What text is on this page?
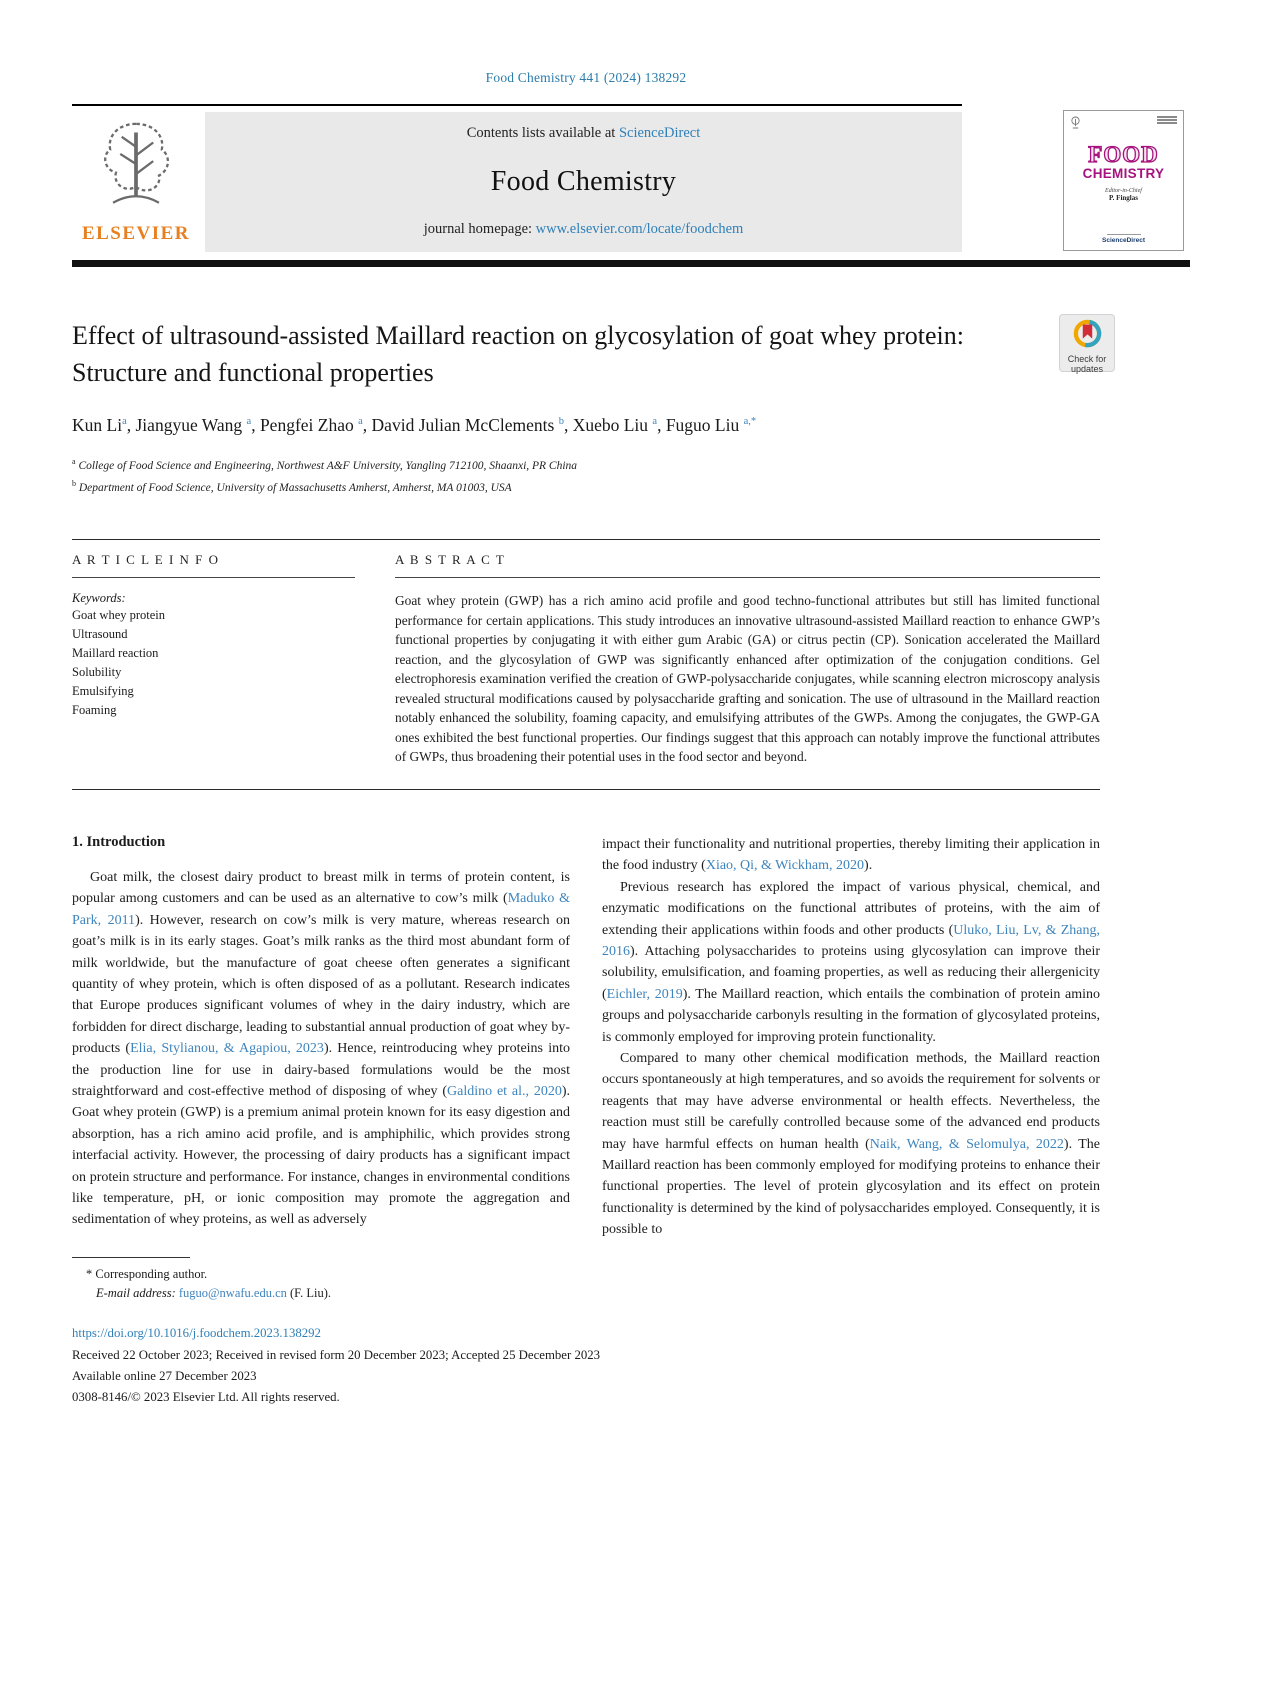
Food Chemistry 441 (2024) 138292
ELSEVIER
Contents lists available at ScienceDirect
Food Chemistry
journal homepage: www.elsevier.com/locate/foodchem
FOOD
CHEMISTRY
Editor-in-Chief
P. Finglas
ScienceDirect
Effect of ultrasound-assisted Maillard reaction on glycosylation of goat whey protein: Structure and functional properties	Check for
updates
Kun Li$^a$, Jiangyue Wang $^a$, Pengfei Zhao $^a$, David Julian McClements $^b$, Xuebo Liu $^a$, Fuguo Liu $^{a,*}$
$^a$ College of Food Science and Engineering, Northwest A&F University, Yangling 712100, Shaanxi, PR China
$^b$ Department of Food Science, University of Massachusetts Amherst, Amherst, MA 01003, USA
A R T I C L E I N F O
Keywords:
Goat whey protein
Ultrasound
Maillard reaction
Solubility
Emulsifying
Foaming
A B S T R A C T

Goat whey protein (GWP) has a rich amino acid profile and good techno-functional attributes but still has limited functional performance for certain applications. This study introduces an innovative ultrasound-assisted Maillard reaction to enhance GWP’s functional properties by conjugating it with either gum Arabic (GA) or citrus pectin (CP). Sonication accelerated the Maillard reaction, and the glycosylation of GWP was significantly enhanced after optimization of the conjugation conditions. Gel electrophoresis examination verified the creation of GWP-polysaccharide conjugates, while scanning electron microscopy analysis revealed structural modifications caused by polysaccharide grafting and sonication. The use of ultrasound in the Maillard reaction notably enhanced the solubility, foaming capacity, and emulsifying attributes of the GWPs. Among the conjugates, the GWP-GA ones exhibited the best functional properties. Our findings suggest that this approach can notably improve the functional attributes of GWPs, thus broadening their potential uses in the food sector and beyond.

1. Introduction

Goat milk, the closest dairy product to breast milk in terms of protein content, is popular among customers and can be used as an alternative to cow’s milk (Maduko & Park, 2011). However, research on cow’s milk is very mature, whereas research on goat’s milk is in its early stages. Goat’s milk ranks as the third most abundant form of milk worldwide, but the manufacture of goat cheese often generates a significant quantity of whey protein, which is often disposed of as a pollutant. Research indicates that Europe produces significant volumes of whey in the dairy industry, which are forbidden for direct discharge, leading to substantial annual production of goat whey by-products (Elia, Stylianou, & Agapiou, 2023). Hence, reintroducing whey proteins into the production line for use in dairy-based formulations would be the most straightforward and cost-effective method of disposing of whey (Galdino et al., 2020). Goat whey protein (GWP) is a premium animal protein known for its easy digestion and absorption, has a rich amino acid profile, and is amphiphilic, which provides strong interfacial activity. However, the processing of dairy products has a significant impact on protein structure and performance. For instance, changes in environmental conditions like temperature, pH, or ionic composition may promote the aggregation and sedimentation of whey proteins, as well as adversely

impact their functionality and nutritional properties, thereby limiting their application in the food industry (Xiao, Qi, & Wickham, 2020).

Previous research has explored the impact of various physical, chemical, and enzymatic modifications on the functional attributes of proteins, with the aim of extending their applications within foods and other products (Uluko, Liu, Lv, & Zhang, 2016). Attaching polysaccharides to proteins using glycosylation can improve their solubility, emulsification, and foaming properties, as well as reducing their allergenicity (Eichler, 2019). The Maillard reaction, which entails the combination of protein amino groups and polysaccharide carbonyls resulting in the formation of glycosylated proteins, is commonly employed for improving protein functionality.

Compared to many other chemical modification methods, the Maillard reaction occurs spontaneously at high temperatures, and so avoids the requirement for solvents or reagents that may have adverse environmental or health effects. Nevertheless, the reaction must still be carefully controlled because some of the advanced end products may have harmful effects on human health (Naik, Wang, & Selomulya, 2022). The Maillard reaction has been commonly employed for modifying proteins to enhance their functional properties. The level of protein glycosylation and its effect on protein functionality is determined by the kind of polysaccharides employed. Consequently, it is possible to

* Corresponding author.
E-mail address: fuguo@nwafu.edu.cn (F. Liu).
https://doi.org/10.1016/j.foodchem.2023.138292
Received 22 October 2023; Received in revised form 20 December 2023; Accepted 25 December 2023
Available online 27 December 2023
0308-8146/© 2023 Elsevier Ltd. All rights reserved.
